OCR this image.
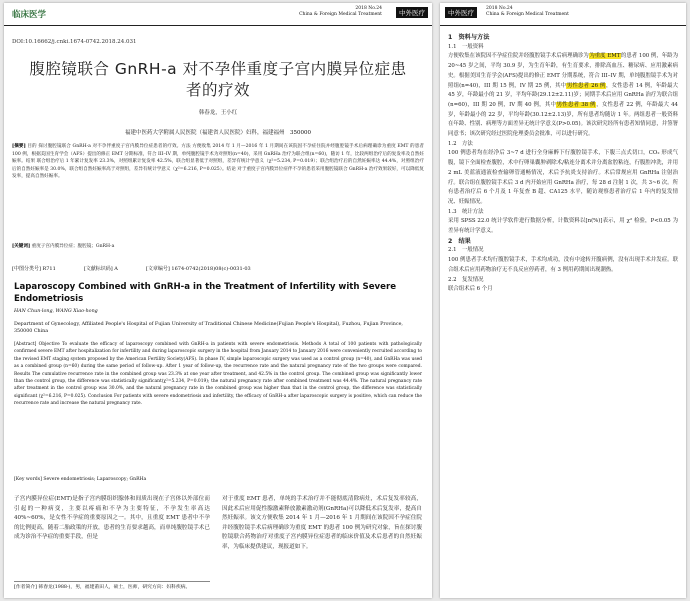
临床医学
2018 No.24
China & Foreign Medical Treatment	中外医疗
DOI:10.16662/j.cnki.1674-0742.2018.24.031
腹腔镜联合 GnRH-a 对不孕伴重度子宫内膜异位症患者的疗效
韩春龙，王小红
福建中医药大学附属人民医院（福建省人民医院）妇科，福建福州　350000
[摘要] 目的 探讨腹腔镜联合 GnRH-a 对不孕伴重度子宫内膜异位症患者的疗效。方法 方便收集 2014 年 1 月—2016 年 1 月期间在该院因不孕症住院并经腹腔镜手术后病理确诊为重度 EMT 的患者 100 例，根据美国生育学会（AFS）提出的修正 EMT 分期标准，符合 III–IV 期，单纯腹腔镜手术为对照组(n=40)，采用 GnRHa 治疗为联合组(n=60)，随访 1 年，比较两组治疗后的复发率及自然妊娠率。结果 联合组治疗后 1 年累计复发率 23.3%，对照组累计复发率 42.5%，联合组显著低于对照组，差异有统计学意义（χ²=5.234, P=0.019）；联合组治疗后的自然妊娠率达 44.4%，对照组治疗后的自然妊娠率是 30.0%，联合组自然妊娠率高于对照组，差异有统计学意义（χ²=6.216, P=0.025）。结论 对于重度子宫内膜异位症伴不孕的患者采用腹腔镜联合 GnRH-a 治疗效果较好，可以降低复发率，提高自然妊娠率。
[关键词] 重度子宫内膜异位症；腹腔镜；GnRH-a
[中图分类号] R711	[文献标识码] A	[文章编号] 1674-0742(2018)08(c)-0031-03
Laparoscopy Combined with GnRH-a in the Treatment of Infertility with Severe Endometriosis
HAN Chun-long, WANG Xiao-hong
Department of Gynecology, Affiliated People's Hospital of Fujian University of Traditional Chinese Medicine(Fujian People's Hospital), Fuzhou, Fujian Province, 350000 China
[Abstract] Objective To evaluate the efficacy of laparoscopy combined with GnRH-a in patients with severe endometriosis. Methods A total of 100 patients with pathologically confirmed severe EMT after hospitalization for infertility and during laparoscopic surgery in the hospital from January 2014 to January 2016 were conveniently recruited according to the revised EMT staging system proposed by the American Fertility Society(AFS). In phase IV, simple laparoscopic surgery was used as a control group (n=40), and GnRHa was used as a combined group (n=60) during the same period of follow-up. After 1 year of follow-up, the recurrence rate and the natural pregnancy rate of the two groups were compared. Results The cumulative recurrence rate in the combined group was 23.3% at one year after treatment, and 42.5% in the control group. The combined group was significantly lower than the control group, the difference was statistically significant(χ²=5.234, P=0.019); the natural pregnancy rate after combined treatment was 44.4%. The natural pregnancy rate after treatment in the control group was 30.0%, and the natural pregnancy rate in the combined group was higher than that in the control group, the difference was statistically significant (χ²=6.216, P=0.025). Conclusion For patients with severe endometriosis and infertility, the efficacy of GnRH-a after laparoscopic surgery is positive, which can reduce the recurrence rate and increase the natural pregnancy rate.
[Key words] Severe endometriosis; Laparoscopy; GnRHa
子宫内膜异位症(EMT)是指子宫内膜组织腺体和间质出现在子宫体以外部位而引起的一种病变，主要以疼痛和不孕为主要特征，不孕发生率高达 40%~60%，是女性不孕症的重要原因之一。其中，且重度 EMT 患者中不孕的比例更高，随着二胎政策的开放，患者的生育要求越高，而单纯腹腔镜手术已成为诊治不孕症的重要手段，但是
对于重度 EMT 患者，单纯的手术治疗并不能彻底清除病灶，术后复发率较高，因此术后应用促性腺激素释放激素激动剂(GnRHa)可以降低术后复发率，提高自然妊娠率。该文方便收集 2014 年 1 月—2016 年 1 月期间在该院因不孕症住院并经腹腔镜手术后病理确诊为重度 EMT 的患者 100 例为研究对象，旨在探讨腹腔镜联合药物治疗对重度子宫内膜异位症患者的临床价值及术后患者的自然妊娠率，为临床提供建议，现报道如下。
[作者简介] 韩春龙(1988-)，男，福建莆田人，硕士，医师，研究方向：妇科疾病。
中外医疗
2018 No.24
China & Foreign Medical Treatment
1　资料与方法
1.1　一般资料
方便收集在该院因不孕症住院并经腹腔镜手术后病理确诊为为重度 EMT的患者 100 例，年龄为 20~45 岁之间，平均 30.9 岁，为生育年龄，有生育要求，排除高血压、糖尿病、应用激素病史。根据美国生育学会(AFS)提出的修正 EMT 分期系统，符合 III–IV 期，单纯腹腔镜手术为对照组(n=40)，III 期 15 例，IV 期 25 例，其中男性患者 26 例，女性患者 14 例，年龄最大 45 岁，年龄最小的 21 岁，平均年龄(29.12±2.11)岁；同期手术后应用 GnRHa 治疗为联合组(n=60)，III 期 20 例，IV 期 40 例，其中男性患者 38 例，女性患者 22 例，年龄最大 44 岁，年龄最小的 22 岁，平均年龄(30.12±2.13)岁，所有患者均随访 1 年。两组患者一般资料在年龄、性别、病理等方面差异无统计学意义(P>0.05)。该次研究经所有患者知情同意，并签署同意书；该次研究经过医院伦理委员会批准，可以进行研究。
1.2　方法
100 例患者均在经净后 3~7 d 进行全身麻醉下行腹腔镜手术，下腹三点式切口，CO₂ 形成气腹，镜下全面检查腹腔，术中行卵巢囊肿剥除术/粘连分离术并分离盆腔粘连，行腹腔冲洗，并用 2 mL 美蓝液通液检查输卵管通畅情况，术后予抗炎支持治疗。术后常规应用 GnRHa 注射治疗。联合组在腹腔镜手术后 3 d 内开始应用 GnRHa 治疗，每 28 d 注射 1 次，共 3~6 次。所有患者治疗后 6 个月及 1 年复查 B 超、CA125 水平，随访观察患者治疗后 1 年内的复发情况、妊娠情况。
1.3　统计方法
采用 SPSS 22.0 统计学软件进行数据分析，计数资料以[n(%)]表示，用 χ² 检验，P<0.05 为差异有统计学意义。
2　结果
2.1　一般情况
100 例患者手术均行腹腔镜手术，手术均成功，没有中途转开腹病例，没有出现手术并发症。联合组术后应用药物治疗无不良反应停药者，有 3 例用药期间出现潮热。
2.2　复发情况
联合组术后 6 个月
